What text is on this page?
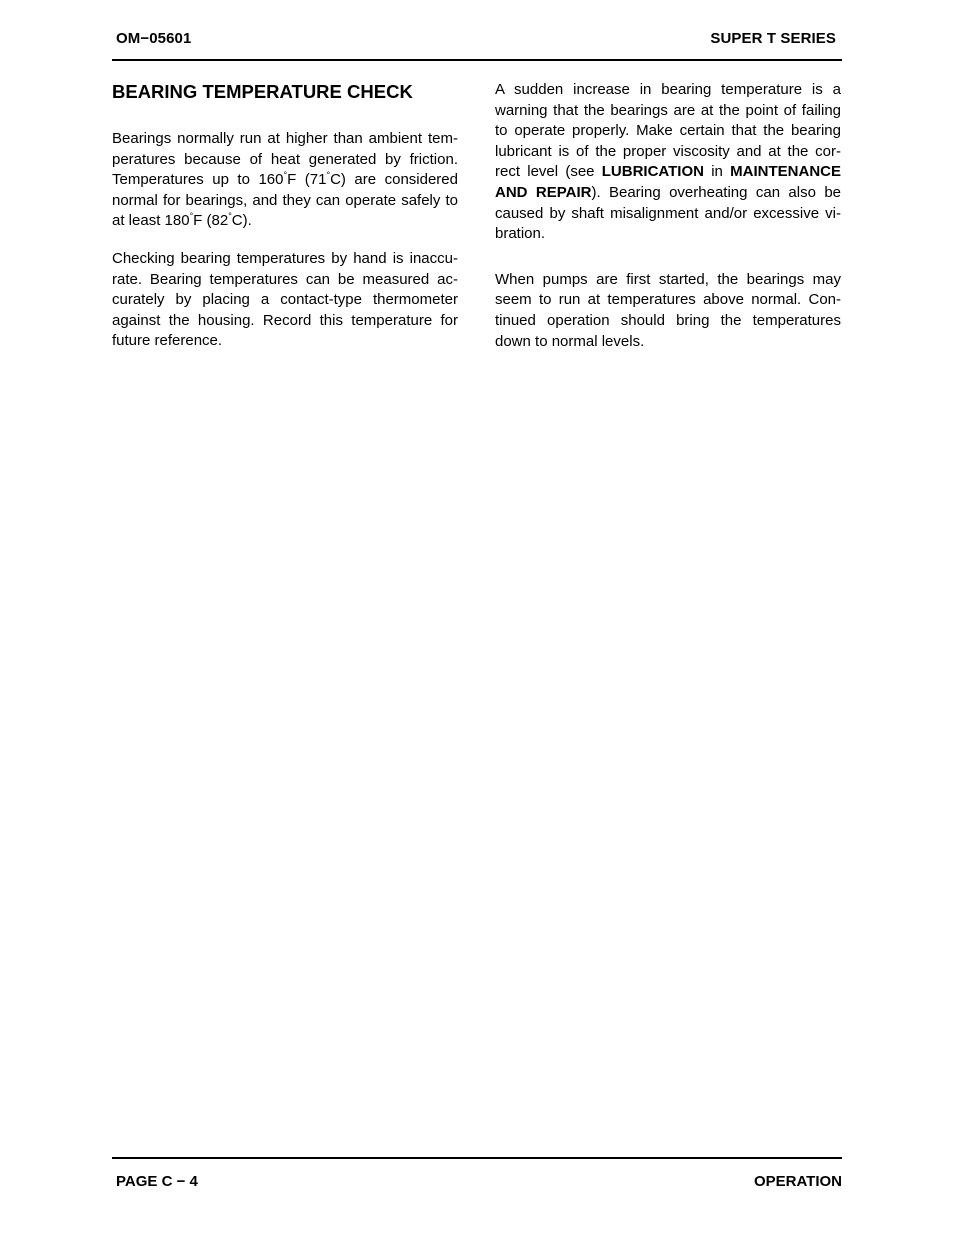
OM−05601	SUPER T SERIES
BEARING TEMPERATURE CHECK

Bearings normally run at higher than ambient tem-peratures because of heat generated by friction. Temperatures up to 160°F (71°C) are considered normal for bearings, and they can operate safely to at least 180°F (82°C).

Checking bearing temperatures by hand is inaccu-rate. Bearing temperatures can be measured ac-curately by placing a contact-type thermometer against the housing. Record this temperature for future reference.

A sudden increase in bearing temperature is a warning that the bearings are at the point of failing to operate properly. Make certain that the bearing lubricant is of the proper viscosity and at the cor-rect level (see LUBRICATION in MAINTENANCE AND REPAIR). Bearing overheating can also be caused by shaft misalignment and/or excessive vi-bration.

When pumps are first started, the bearings may seem to run at temperatures above normal. Con-tinued operation should bring the temperatures down to normal levels.

PAGE C − 4	OPERATION
